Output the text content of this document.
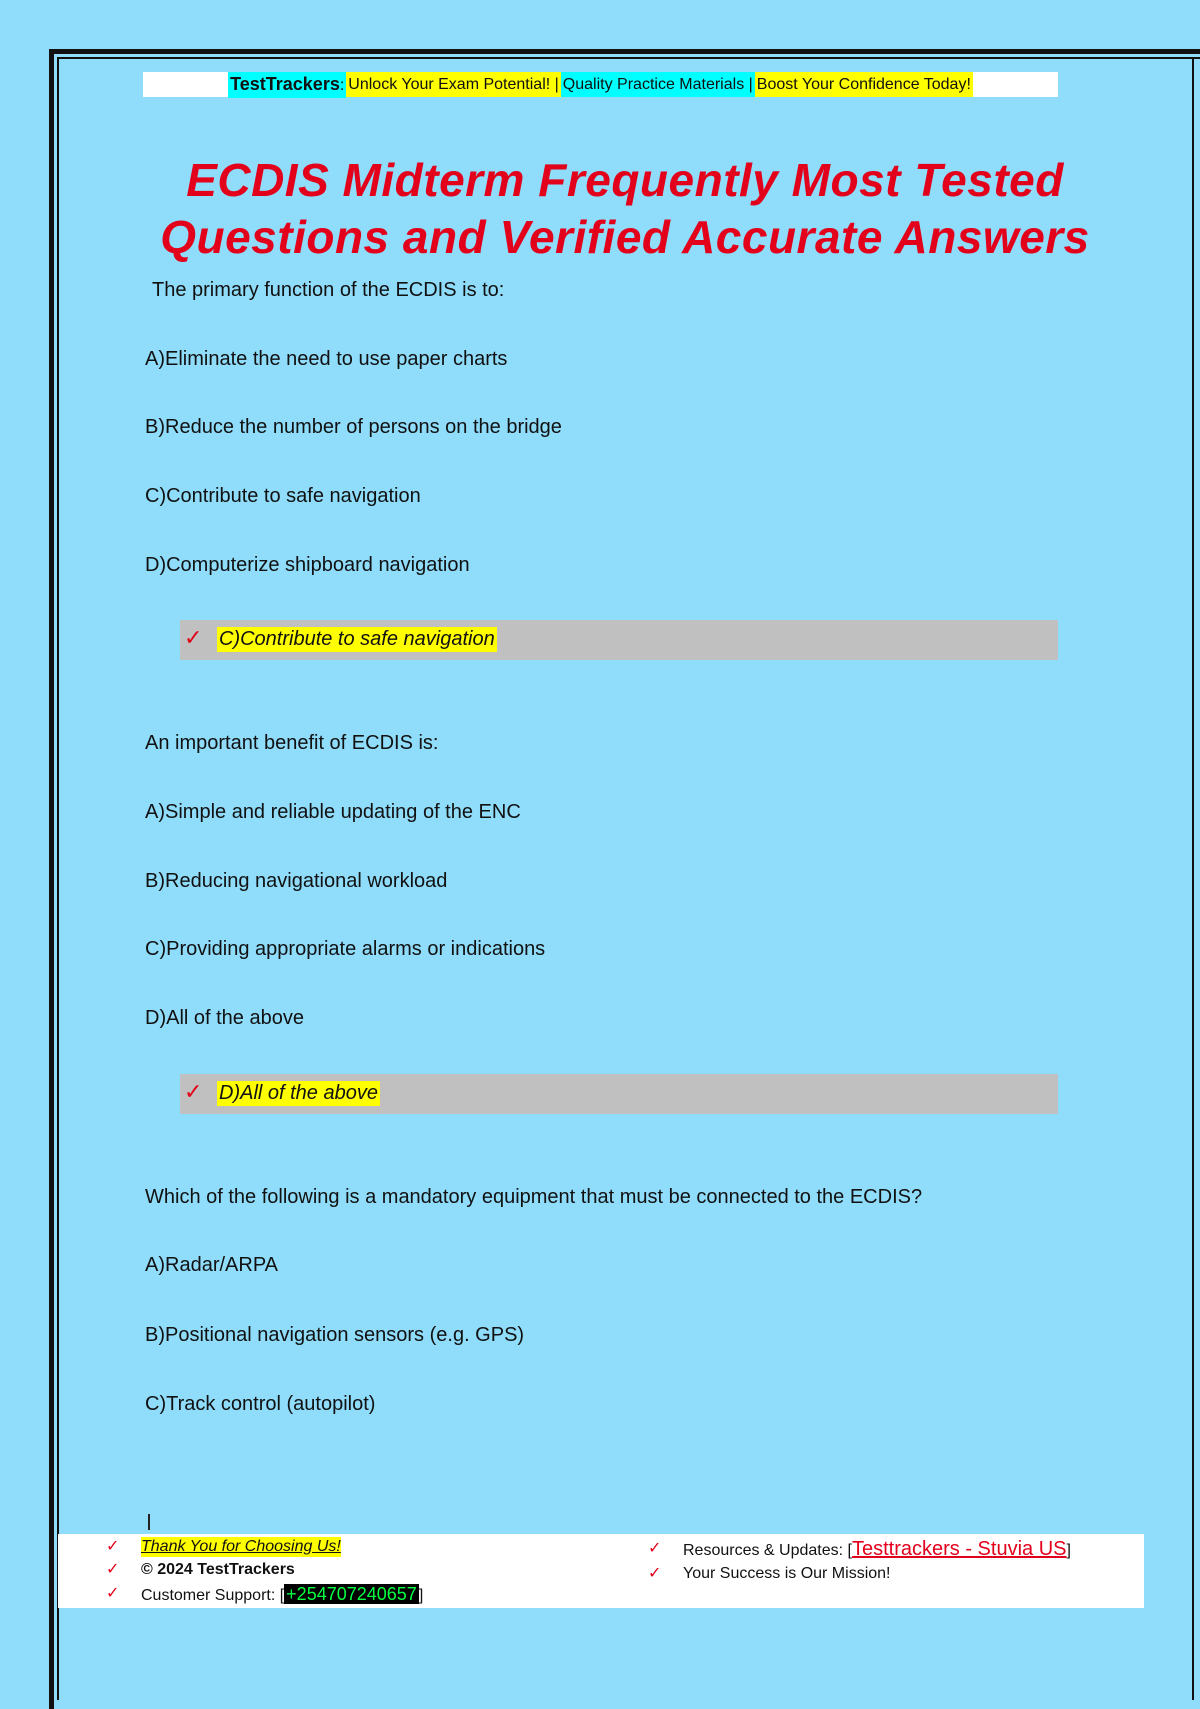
TestTrackers: Unlock Your Exam Potential! | Quality Practice Materials | Boost Your Confidence Today!
ECDIS Midterm Frequently Most Tested
Questions and Verified Accurate Answers
The primary function of the ECDIS is to:
A)Eliminate the need to use paper charts
B)Reduce the number of persons on the bridge
C)Contribute to safe navigation
D)Computerize shipboard navigation
✓ C)Contribute to safe navigation
An important benefit of ECDIS is:
A)Simple and reliable updating of the ENC
B)Reducing navigational workload
C)Providing appropriate alarms or indications
D)All of the above
✓ D)All of the above
Which of the following is a mandatory equipment that must be connected to the ECDIS?
A)Radar/ARPA
B)Positional navigation sensors (e.g. GPS)
C)Track control (autopilot)
✓ Thank You for Choosing Us!
✓ © 2024 TestTrackers
✓ Customer Support: [ +254707240657 ]
✓ Resources & Updates: [Testtrackers - Stuvia US]
✓ Your Success is Our Mission!
